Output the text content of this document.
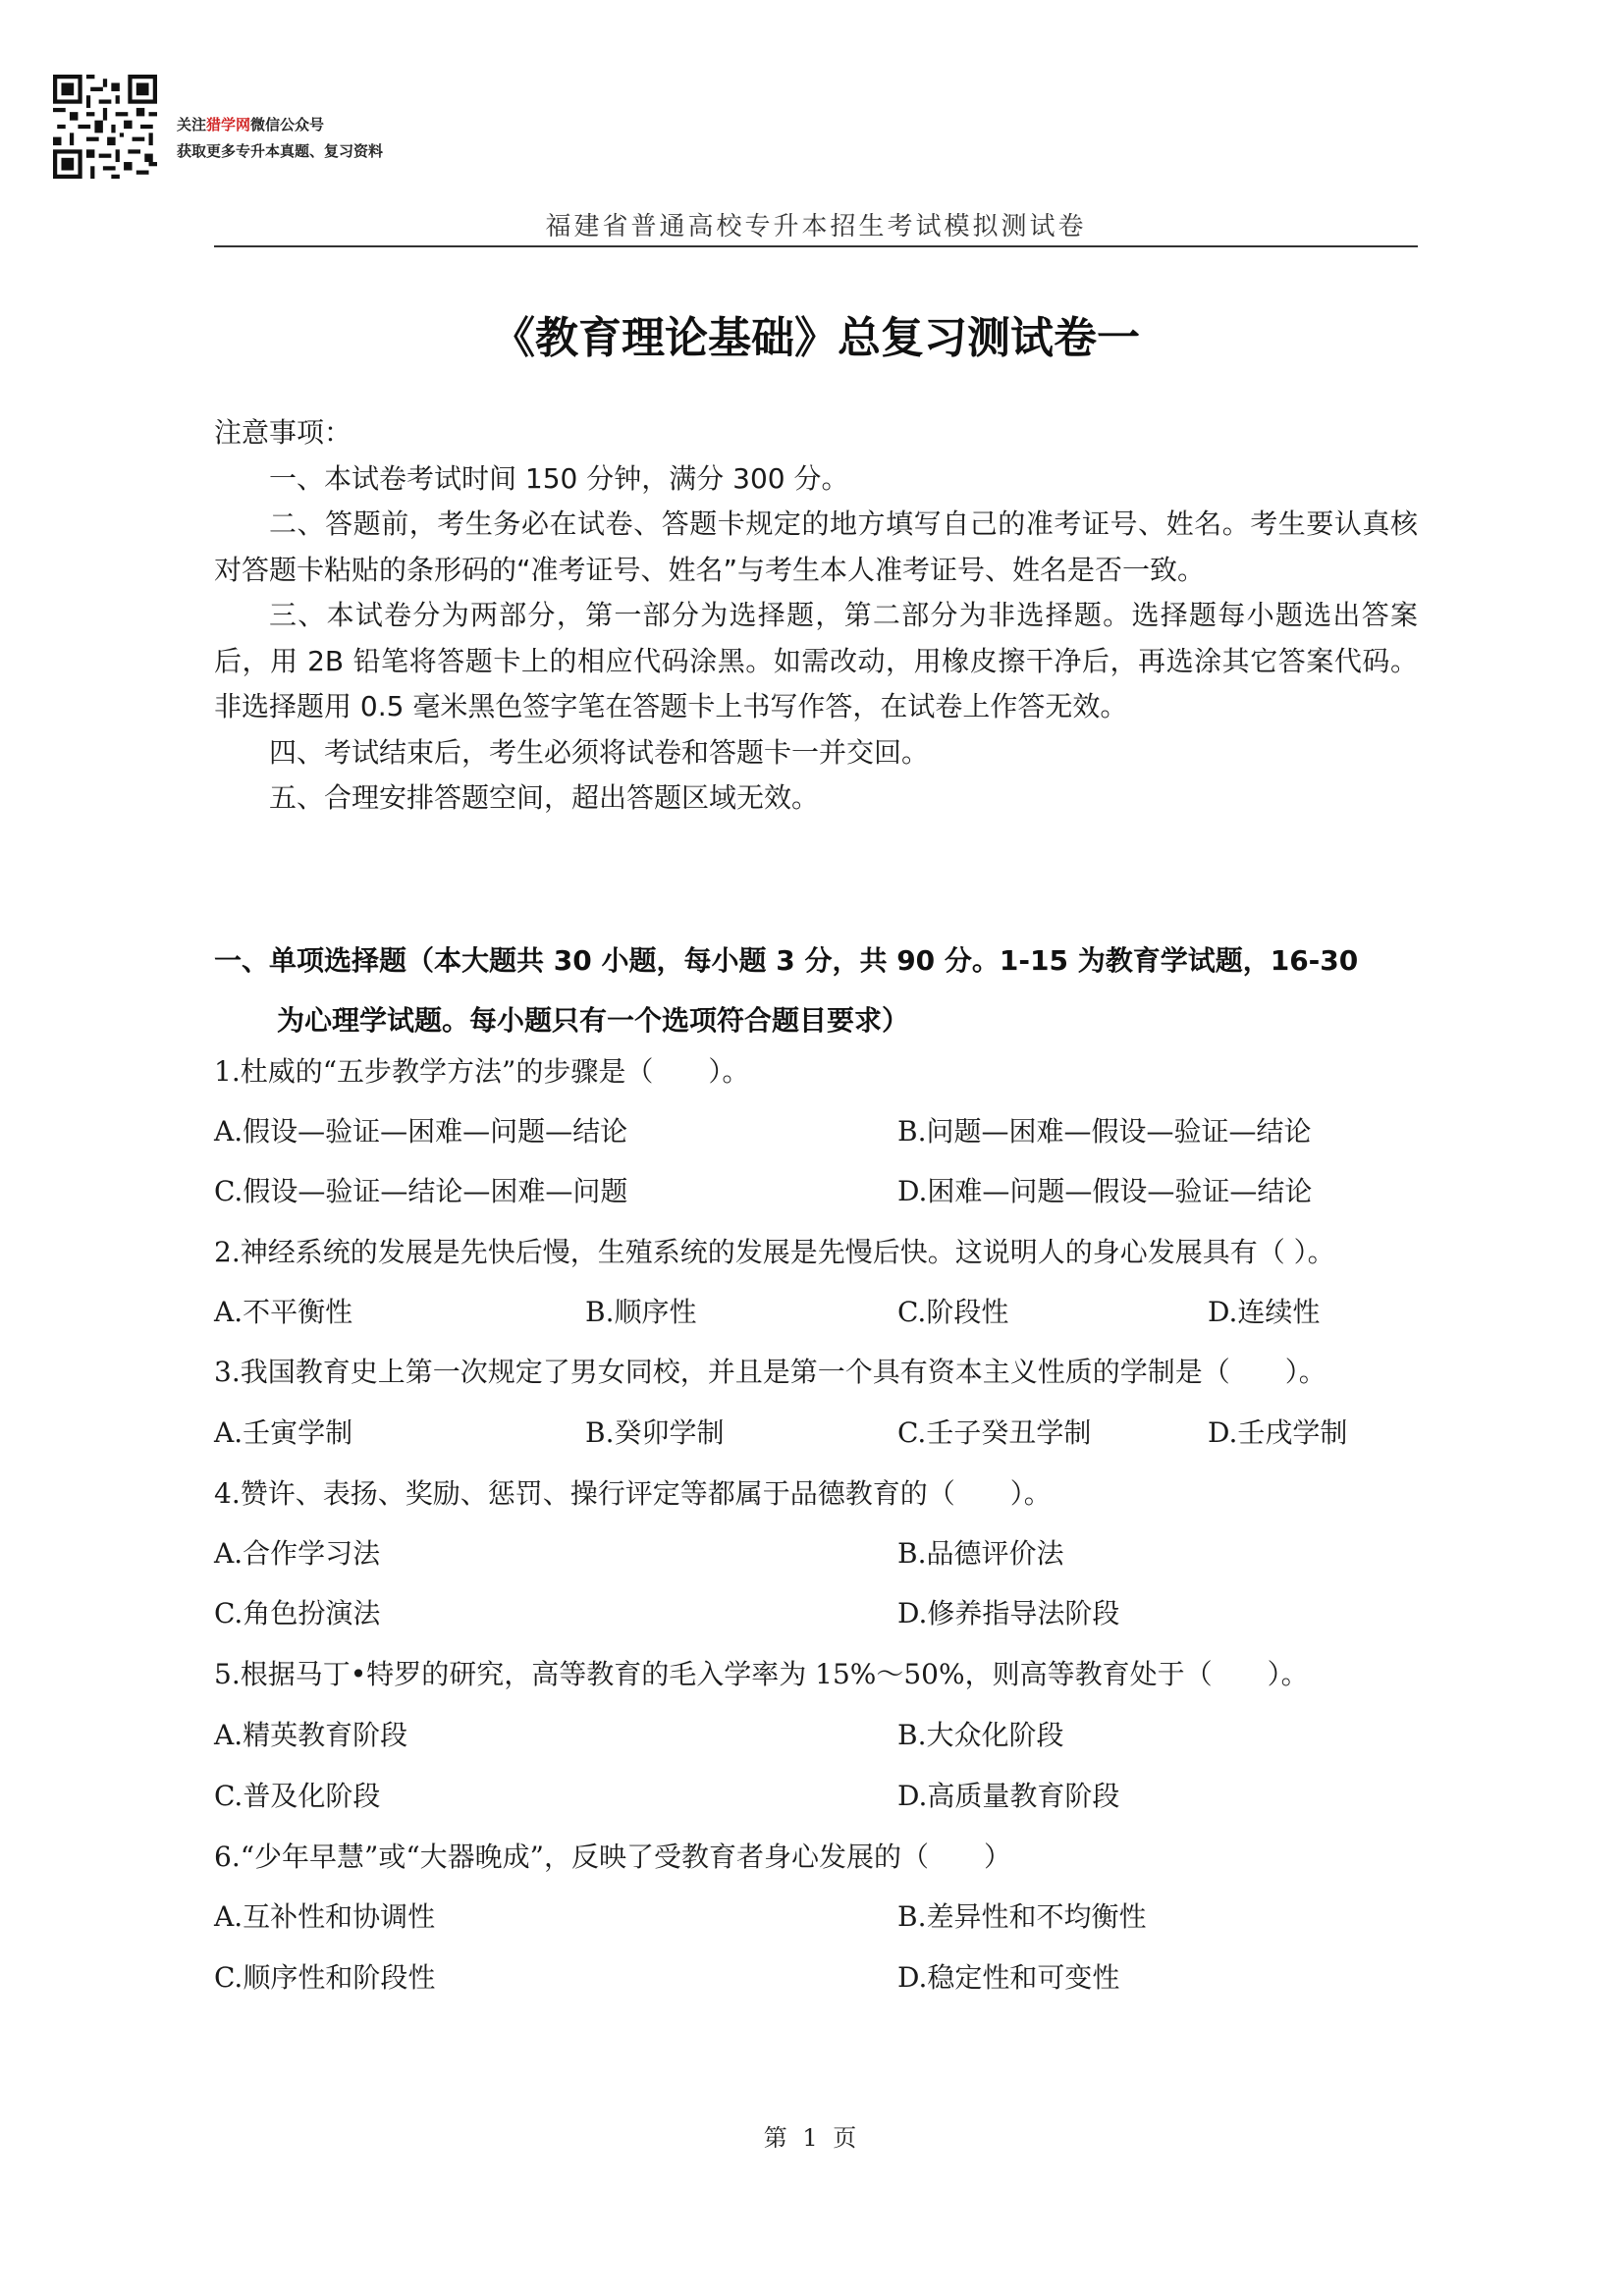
关注猎学网微信公众号
获取更多专升本真题、复习资料
福建省普通高校专升本招生考试模拟测试卷
《教育理论基础》总复习测试卷一
注意事项：

一、本试卷考试时间 150 分钟，满分 300 分。

二、答题前，考生务必在试卷、答题卡规定的地方填写自己的准考证号、姓名。考生要认真核对答题卡粘贴的条形码的“准考证号、姓名”与考生本人准考证号、姓名是否一致。

三、本试卷分为两部分，第一部分为选择题，第二部分为非选择题。选择题每小题选出答案后，用 2B 铅笔将答题卡上的相应代码涂黑。如需改动，用橡皮擦干净后，再选涂其它答案代码。非选择题用 0.5 毫米黑色签字笔在答题卡上书写作答，在试卷上作答无效。

四、考试结束后，考生必须将试卷和答题卡一并交回。

五、合理安排答题空间，超出答题区域无效。

一、单项选择题（本大题共 30 小题，每小题 3 分，共 90 分。1-15 为教育学试题，16-30
为心理学试题。每小题只有一个选项符合题目要求）
1.杜威的“五步教学方法”的步骤是（　　）。
A.假设—验证—困难—问题—结论	B.问题—困难—假设—验证—结论
C.假设—验证—结论—困难—问题	D.困难—问题—假设—验证—结论
2.神经系统的发展是先快后慢，生殖系统的发展是先慢后快。这说明人的身心发展具有（ ）。
A.不平衡性	B.顺序性	C.阶段性	D.连续性
3.我国教育史上第一次规定了男女同校，并且是第一个具有资本主义性质的学制是（　　）。
A.壬寅学制	B.癸卯学制	C.壬子癸丑学制	D.壬戌学制
4.赞许、表扬、奖励、惩罚、操行评定等都属于品德教育的（　　）。
A.合作学习法	B.品德评价法
C.角色扮演法	D.修养指导法阶段
5.根据马丁•特罗的研究，高等教育的毛入学率为 15%～50%，则高等教育处于（　　）。
A.精英教育阶段	B.大众化阶段
C.普及化阶段	D.高质量教育阶段
6.“少年早慧”或“大器晚成”，反映了受教育者身心发展的（　　）
A.互补性和协调性	B.差异性和不均衡性
C.顺序性和阶段性	D.稳定性和可变性
第 1 页
